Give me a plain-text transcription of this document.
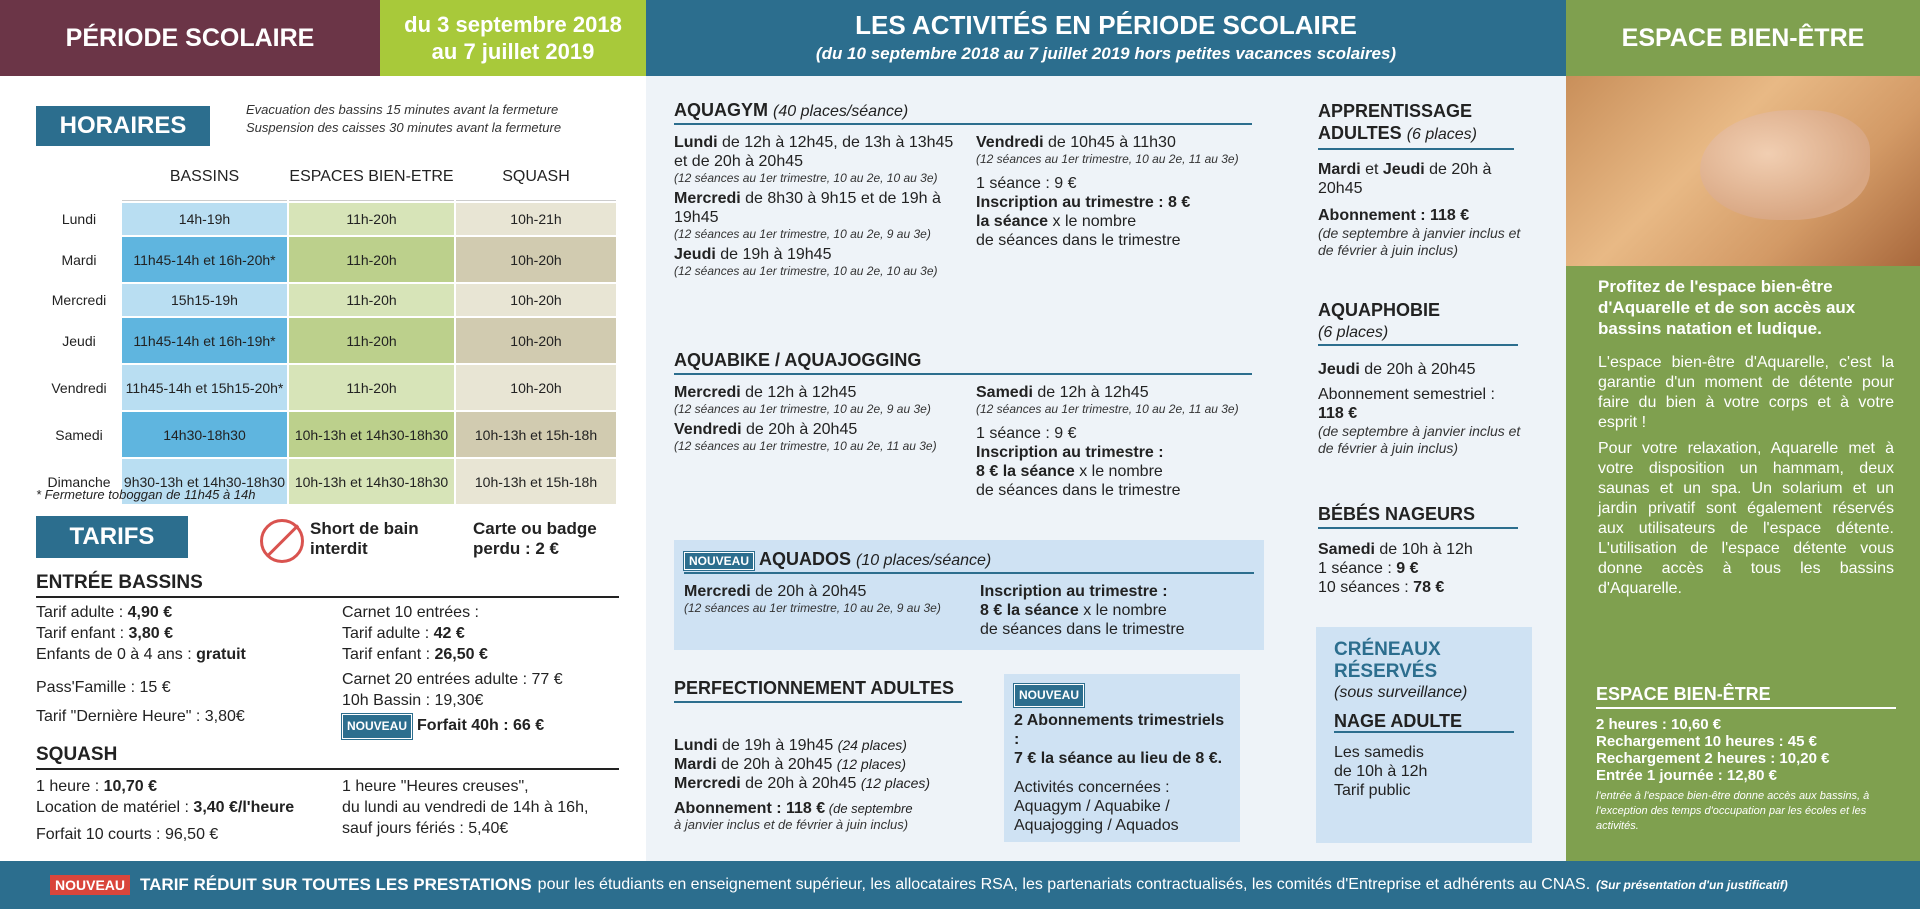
PÉRIODE SCOLAIRE	du 3 septembre 2018
au 7 juillet 2019
LES ACTIVITÉS EN PÉRIODE SCOLAIRE
(du 10 septembre 2018 au 7 juillet 2019 hors petites vacances scolaires)
ESPACE BIEN-ÊTRE
HORAIRES
Evacuation des bassins 15 minutes avant la fermeture
Suspension des caisses 30 minutes avant la fermeture
	BASSINS	ESPACES BIEN-ETRE	SQUASH
Lundi	14h-19h	11h-20h	10h-21h
Mardi	11h45-14h et 16h-20h*	11h-20h	10h-20h
Mercredi	15h15-19h	11h-20h	10h-20h
Jeudi	11h45-14h et 16h-19h*	11h-20h	10h-20h
Vendredi	11h45-14h et 15h15-20h*	11h-20h	10h-20h
Samedi	14h30-18h30	10h-13h et 14h30-18h30	10h-13h et 15h-18h
Dimanche	9h30-13h et 14h30-18h30	10h-13h et 14h30-18h30	10h-13h et 15h-18h
* Fermeture toboggan de 11h45 à 14h
TARIFS	Short de bain interdit
Carte ou badge perdu : 2 €
ENTRÉE BASSINS
Tarif adulte : 4,90 €
Tarif enfant : 3,80 €
Enfants de 0 à 4 ans : gratuit
Pass'Famille : 15 €
Tarif "Dernière Heure" : 3,80€
Carnet 10 entrées :
Tarif adulte : 42 €
Tarif enfant : 26,50 €
Carnet 20 entrées adulte : 77 €
10h Bassin : 19,30€
NOUVEAU Forfait 40h : 66 €
SQUASH
1 heure : 10,70 €
Location de matériel : 3,40 €/l'heure
Forfait 10 courts : 96,50 €
1 heure "Heures creuses",
du lundi au vendredi de 14h à 16h,
sauf jours fériés : 5,40€
AQUAGYM (40 places/séance)
Lundi de 12h à 12h45, de 13h à 13h45 et de 20h à 20h45
(12 séances au 1er trimestre, 10 au 2e, 10 au 3e)
Mercredi de 8h30 à 9h15 et de 19h à 19h45
(12 séances au 1er trimestre, 10 au 2e, 9 au 3e)
Jeudi de 19h à 19h45
(12 séances au 1er trimestre, 10 au 2e, 10 au 3e)
Vendredi de 10h45 à 11h30
(12 séances au 1er trimestre, 10 au 2e, 11 au 3e)
1 séance : 9 €
Inscription au trimestre : 8 €
la séance x le nombre
de séances dans le trimestre
AQUABIKE / AQUAJOGGING
Mercredi de 12h à 12h45
(12 séances au 1er trimestre, 10 au 2e, 9 au 3e)
Vendredi de 20h à 20h45
(12 séances au 1er trimestre, 10 au 2e, 11 au 3e)
Samedi de 12h à 12h45
(12 séances au 1er trimestre, 10 au 2e, 11 au 3e)
1 séance : 9 €
Inscription au trimestre :
8 € la séance x le nombre
de séances dans le trimestre
NOUVEAU AQUADOS (10 places/séance)
Mercredi de 20h à 20h45
(12 séances au 1er trimestre, 10 au 2e, 9 au 3e)
Inscription au trimestre :
8 € la séance x le nombre
de séances dans le trimestre
PERFECTIONNEMENT ADULTES
Lundi de 19h à 19h45 (24 places)
Mardi de 20h à 20h45 (12 places)
Mercredi de 20h à 20h45 (12 places)
Abonnement : 118 € (de septembre
à janvier inclus et de février à juin inclus)
NOUVEAU
2 Abonnements trimestriels :
7 € la séance au lieu de 8 €.
Activités concernées :
Aquagym / Aquabike /
Aquajogging / Aquados
APPRENTISSAGE ADULTES (6 places)
Mardi et Jeudi de 20h à 20h45
Abonnement : 118 €
(de septembre à janvier inclus et de février à juin inclus)
AQUAPHOBIE
(6 places)
Jeudi de 20h à 20h45
Abonnement semestriel :
118 €
(de septembre à janvier inclus et de février à juin inclus)
BÉBÉS NAGEURS
Samedi de 10h à 12h
1 séance : 9 €
10 séances : 78 €
CRÉNEAUX RÉSERVÉS
(sous surveillance)
NAGE ADULTE
Les samedis
de 10h à 12h
Tarif public
Profitez de l'espace bien-être d'Aquarelle et de son accès aux bassins natation et ludique.

L'espace bien-être d'Aquarelle, c'est la garantie d'un moment de détente pour faire du bien à votre corps et à votre esprit !

Pour votre relaxation, Aquarelle met à votre disposition un hammam, deux saunas et un spa. Un solarium et un jardin privatif sont également réservés aux utilisateurs de l'espace détente. L'utilisation de l'espace détente vous donne accès à tous les bassins d'Aquarelle.

ESPACE BIEN-ÊTRE
2 heures : 10,60 €
Rechargement 10 heures : 45 €
Rechargement 2 heures : 10,20 €
Entrée 1 journée : 12,80 €
l'entrée à l'espace bien-être donne accès aux bassins, à l'exception des temps d'occupation par les écoles et les activités.
NOUVEAU TARIF RÉDUIT SUR TOUTES LES PRESTATIONS pour les étudiants en enseignement supérieur, les allocataires RSA, les partenariats contractualisés, les comités d'Entreprise et adhérents au CNAS. (Sur présentation d'un justificatif)
